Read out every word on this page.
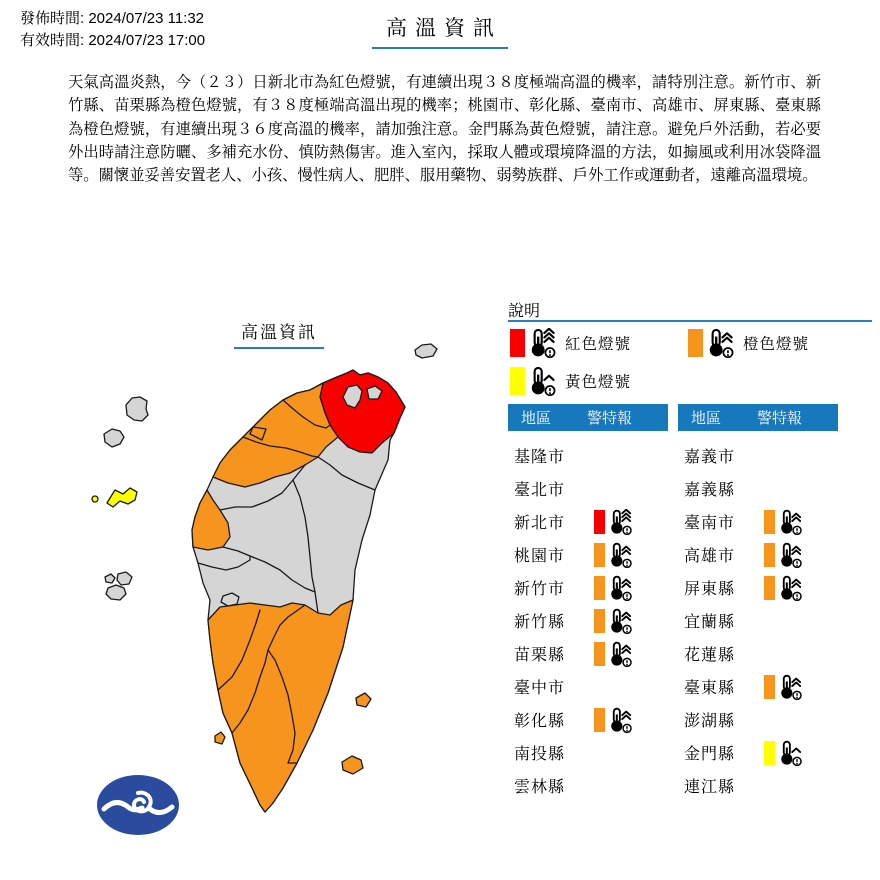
發佈時間: 2024/07/23 11:32
有效時間: 2024/07/23 17:00
高溫資訊
天氣高溫炎熱，今（２３）日新北市為紅色燈號，有連續出現３８度極端高溫的機率，請特別注意。新竹市、新竹縣、苗栗縣為橙色燈號，有３８度極端高溫出現的機率；桃園市、彰化縣、臺南市、高雄市、屏東縣、臺東縣為橙色燈號，有連續出現３６度高溫的機率，請加強注意。金門縣為黃色燈號，請注意。避免戶外活動，若必要外出時請注意防曬、多補充水份、慎防熱傷害。進入室內，採取人體或環境降溫的方法，如搧風或利用冰袋降溫等。關懷並妥善安置老人、小孩、慢性病人、肥胖、服用藥物、弱勢族群、戶外工作或運動者，遠離高溫環境。
高溫資訊
說明
紅色燈號	橙色燈號
黃色燈號
地區 警特報
基隆市
臺北市
新北市
桃園市
新竹市
新竹縣
苗栗縣
臺中市
彰化縣
南投縣
雲林縣
地區 警特報
嘉義市
嘉義縣
臺南市
高雄市
屏東縣
宜蘭縣
花蓮縣
臺東縣
澎湖縣
金門縣
連江縣
